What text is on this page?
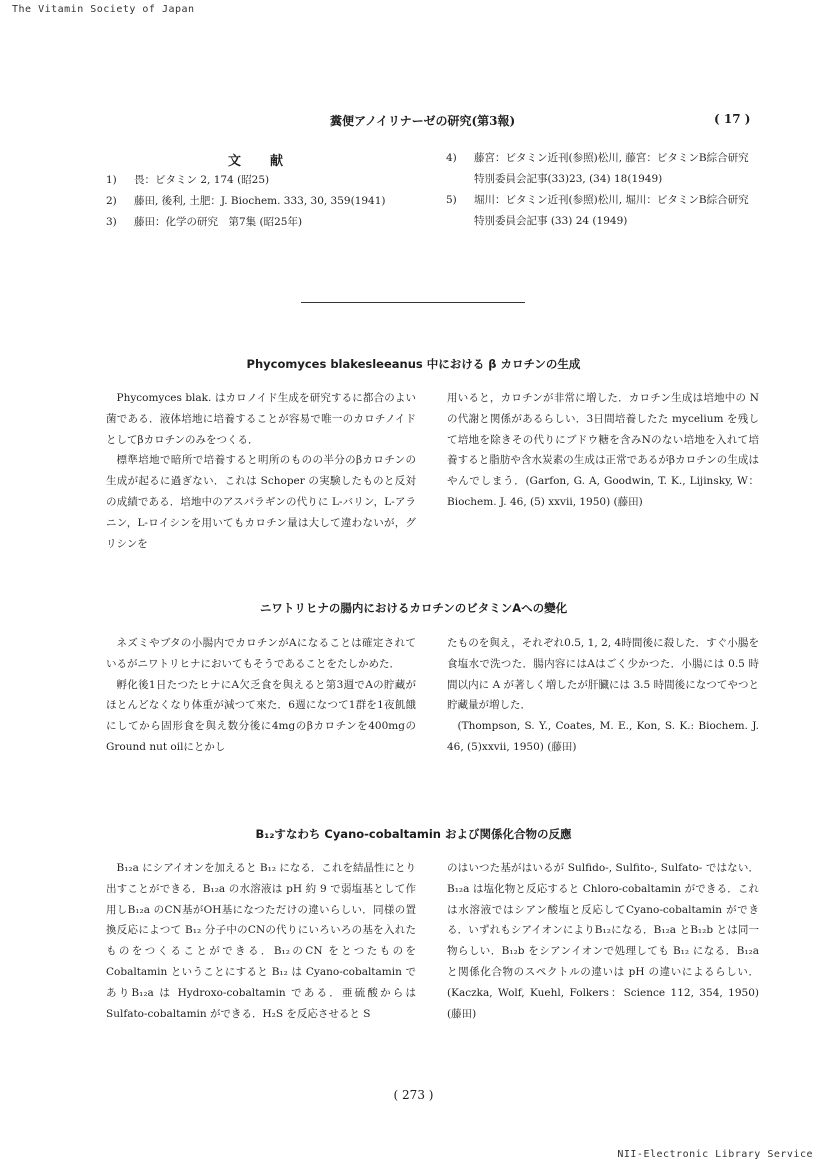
The Vitamin Society of Japan
NII-Electronic Library Service
糞便アノイリナーゼの研究(第3報)	( 17 )
文　献
1)	畏：ビタミン 2, 174 (昭25)
2)	藤田, 後利, 土肥：J. Biochem. 333, 30, 359(1941)
3)	藤田：化学の研究　第7集 (昭25年)
4)	藤宮：ビタミン近刊(参照)松川, 藤宮：ビタミンB綜合研究特別委員会記事(33)23, (34) 18(1949)
5)	堀川：ビタミン近刊(参照)松川, 堀川：ビタミンB綜合研究特別委員会記事 (33) 24 (1949)
Phycomyces blakesleeanus 中における β カロチンの生成

Phycomyces blak. はカロノイド生成を研究するに都合のよい菌である．液体培地に培養することが容易で唯一のカロチノイドとしてβカロチンのみをつくる．

標準培地で暗所で培養すると明所のものの半分のβカロチンの生成が起るに過ぎない．これは Schoper の実験したものと反対の成績である．培地中のアスパラギンの代りに L-バリン，L-アラニン，L-ロイシンを用いてもカロチン量は大して違わないが，グリシンを

用いると，カロチンが非常に増した．カロチン生成は培地中の N の代謝と関係があるらしい．3日間培養したた mycelium を残して培地を除きその代りにブドウ糖を含みNのない培地を入れて培養すると脂肪や含水炭素の生成は正常であるがβカロチンの生成はやんでしまう．(Garfon, G. A, Goodwin, T. K., Lijinsky, W：Biochem. J. 46, (5) xxvii, 1950) (藤田)

ニワトリヒナの腸内におけるカロチンのビタミンAへの變化

ネズミやブタの小腸内でカロチンがAになることは確定されているがニワトリヒナにおいてもそうであることをたしかめた．

孵化後1日たつたヒナにA欠乏食を與えると第3週でAの貯藏がほとんどなくなり体重が減つて來た．6週になつて1群を1夜飢餓にしてから固形食を與え数分後に4mgのβカロチンを400mgのGround nut oilにとかし

たものを與え，それぞれ0.5, 1, 2, 4時間後に殺した．すぐ小腸を食塩水で洗つた．腸内容にはAはごく少かつた．小腸には 0.5 時間以内に A が著しく増したが肝臓には 3.5 時間後になつてやつと貯藏量が増した．

(Thompson, S. Y., Coates, M. E., Kon, S. K.: Biochem. J. 46, (5)xxvii, 1950) (藤田)

B₁₂すなわち Cyano-cobaltamin および関係化合物の反應

B₁₂a にシアイオンを加えると B₁₂ になる．これを結晶性にとり出すことができる．B₁₂a の水溶液は pH 約 9 で弱塩基として作用しB₁₂a のCN基がOH基になつただけの違いらしい．同様の置換反応によつて B₁₂ 分子中のCNの代りにいろいろの基を入れたものをつくることができる．B₁₂のCN をとつたものを Cobaltamin ということにすると B₁₂ は Cyano-cobaltamin でありB₁₂a は Hydroxo-cobaltamin である．亜硫酸からは Sulfato-cobaltamin ができる．H₂S を反応させると S

のはいつた基がはいるが Sulfido-, Sulfito-, Sulfato- ではない．B₁₂a は塩化物と反応すると Chloro-cobaltamin ができる．これは水溶液ではシアン酸塩と反応してCyano-cobaltamin ができる．いずれもシアイオンによりB₁₂になる．B₁₂a とB₁₂b とは同一物らしい．B₁₂b をシアンイオンで処理しても B₁₂ になる．B₁₂a と関係化合物のスペクトルの違いは pH の違いによるらしい．(Kaczka, Wolf, Kuehl, Folkers：Science 112, 354, 1950) (藤田)

( 273 )
